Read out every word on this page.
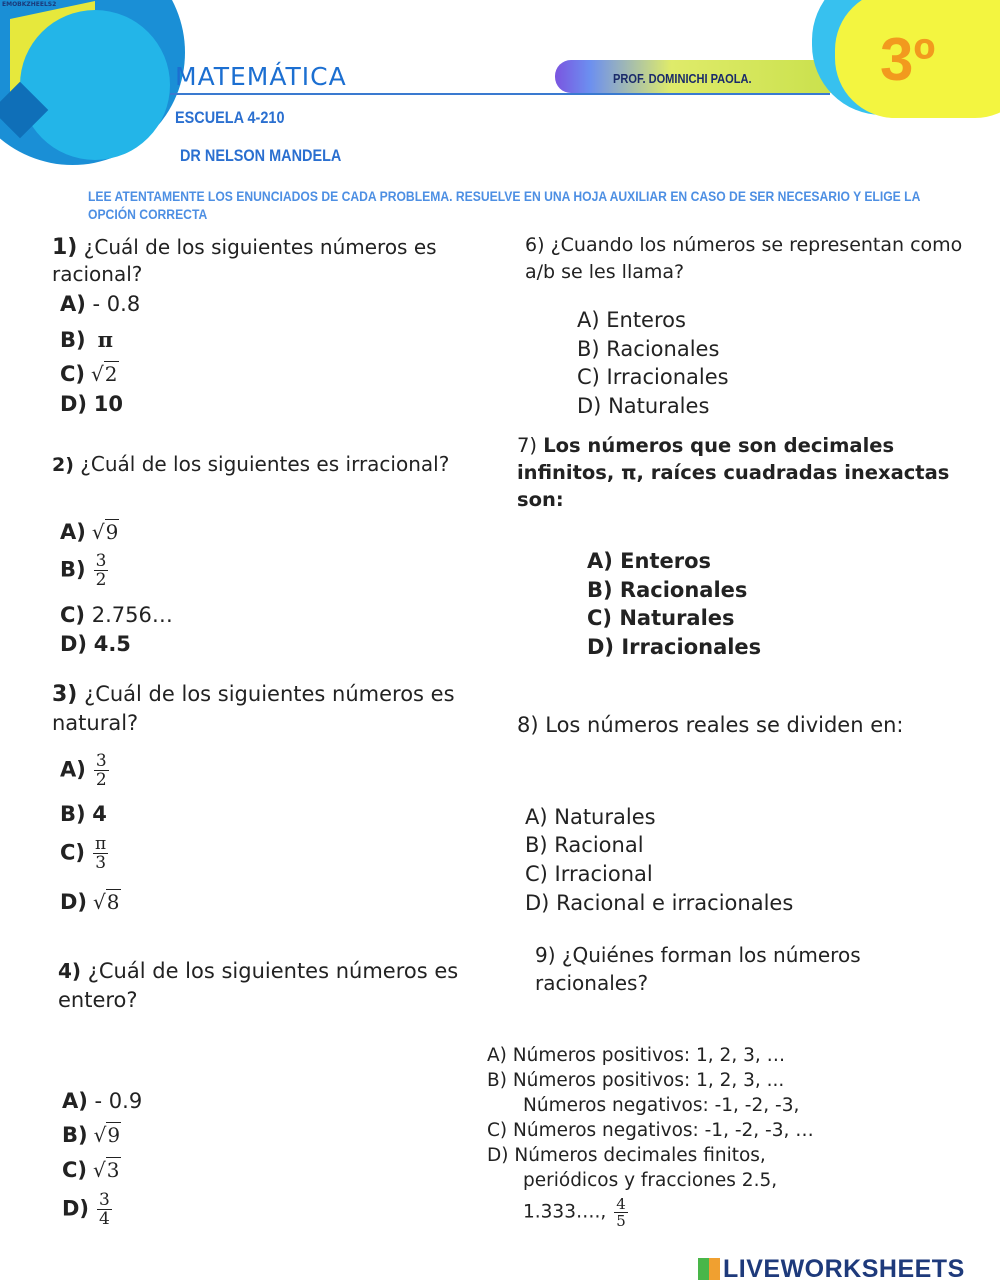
EMOBKZHEELS2
MATEMÁTICA	PROF. DOMINICHI PAOLA. 3º
ESCUELA 4-210
DR NELSON MANDELA
LEE ATENTAMENTE LOS ENUNCIADOS DE CADA PROBLEMA. RESUELVE EN UNA HOJA AUXILIAR EN CASO DE SER NECESARIO Y ELIGE LA OPCIÓN CORRECTA
1) ¿Cuál de los siguientes números es racional?
A) - 0.8
B) π
C) √2
D) 10
2) ¿Cuál de los siguientes es irracional?
A) √9
$B) \frac{3}{2}$
C) 2.756…
D) 4.5
3) ¿Cuál de los siguientes números es natural?
$A) \frac{3}{2}$
B) 4
$C) \frac{\pi}{3}$
D) √8
4) ¿Cuál de los siguientes números es entero?
A) - 0.9
B) √9
C) √3
$D) \frac{3}{4}$
6) ¿Cuando los números se representan como a/b se les llama?
A) Enteros
B) Racionales
C) Irracionales
D) Naturales
7) Los números que son decimales infinitos, π, raíces cuadradas inexactas son:
A) Enteros
B) Racionales
C) Naturales
D) Irracionales
8) Los números reales se dividen en:
A) Naturales
B) Racional
C) Irracional
D) Racional e irracionales
9) ¿Quiénes forman los números racionales?
A) Números positivos: 1, 2, 3, …
B) Números positivos: 1, 2, 3, ...
Números negativos: -1, -2, -3,
C) Números negativos: -1, -2, -3, …
D) Números decimales finitos,
periódicos y fracciones 2.5,
1.333…., $\frac{4}{5}$
LIVEWORKSHEETS
